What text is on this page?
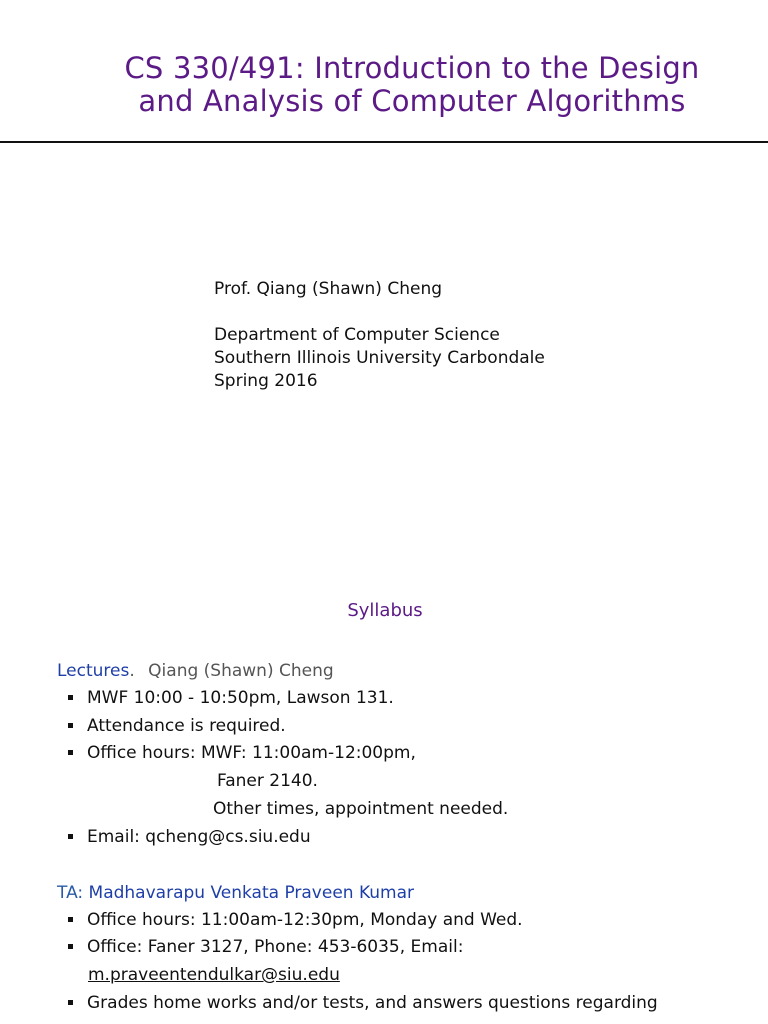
CS 330/491: Introduction to the Design
and Analysis of Computer Algorithms
Prof. Qiang (Shawn) Cheng
Department of Computer Science
Southern Illinois University Carbondale
Spring 2016
Syllabus
Lectures. Qiang (Shawn) Cheng
MWF 10:00 - 10:50pm, Lawson 131.
Attendance is required.
Office hours: MWF: 11:00am-12:00pm,
Faner 2140.
Other times, appointment needed.
Email: qcheng@cs.siu.edu
TA: Madhavarapu Venkata Praveen Kumar
Office hours: 11:00am-12:30pm, Monday and Wed.
Office: Faner 3127, Phone: 453-6035, Email:
m.praveentendulkar@siu.edu
Grades home works and/or tests, and answers questions regarding
